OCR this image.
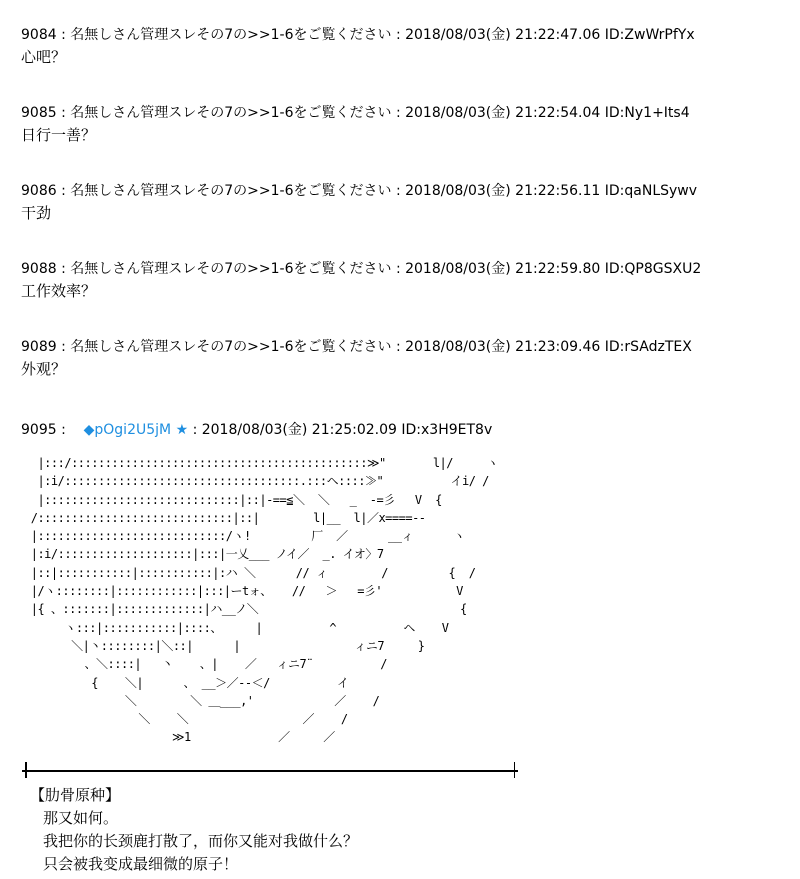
9084 : 名無しさん管理スレその7の>>1-6をご覧ください : 2018/08/03(金) 21:22:47.06 ID:ZwWrPfYx
心吧？
9085 : 名無しさん管理スレその7の>>1-6をご覧ください : 2018/08/03(金) 21:22:54.04 ID:Ny1+Its4
日行一善？
9086 : 名無しさん管理スレその7の>>1-6をご覧ください : 2018/08/03(金) 21:22:56.11 ID:qaNLSywv
干劲
9088 : 名無しさん管理スレその7の>>1-6をご覧ください : 2018/08/03(金) 21:22:59.80 ID:QP8GSXU2
工作效率？
9089 : 名無しさん管理スレその7の>>1-6をご覧ください : 2018/08/03(金) 21:23:09.46 ID:rSAdzTEX
外观？
9095 :    ◆pOgi2U5jM ★ : 2018/08/03(金) 21:25:02.09 ID:x3H9ET8v
|:::/::::::::::::::::::::::::::::::::::::::::::::≫"       l|/     ヽ
|:i/:::::::::::::::::::::::::::::::::::.:::ヘ::::≫"          イi/ /
|:::::::::::::::::::::::::::::|::|-==≦＼  ＼   _  -=彡   V  {
/:::::::::::::::::::::::::::::|::|        l|__  l|／x====--
|::::::::::::::::::::::::::::/ヽ!         厂  ／      __ィ      ヽ
|:i/::::::::::::::::::::|:::|一乂___ ノイ／  _. イオ〉7
|::|:::::::::::|:::::::::::|:ハ ＼      // ィ        /         {  /
|/ヽ::::::::|::::::::::::|:::|ーtォ、   //   ＞   =彡'           V
|{ 、:::::::|:::::::::::::|ハ__ノ＼                              {
ヽ:::|:::::::::::|::::、     |          ^          ヘ    V
＼|丶::::::::|＼::|      |                 ィニ7     }
、＼::::|   丶    、|    ／   ィニ7¨          /
{    ＼|      、 __＞／--＜/          イ
＼        ＼ ＿___,'            ／    /
＼    ＼                 ／    /
≫1             ／     ／
【肋骨原种】
那又如何。
我把你的长颈鹿打散了，而你又能对我做什么？
只会被我变成最细微的原子！
